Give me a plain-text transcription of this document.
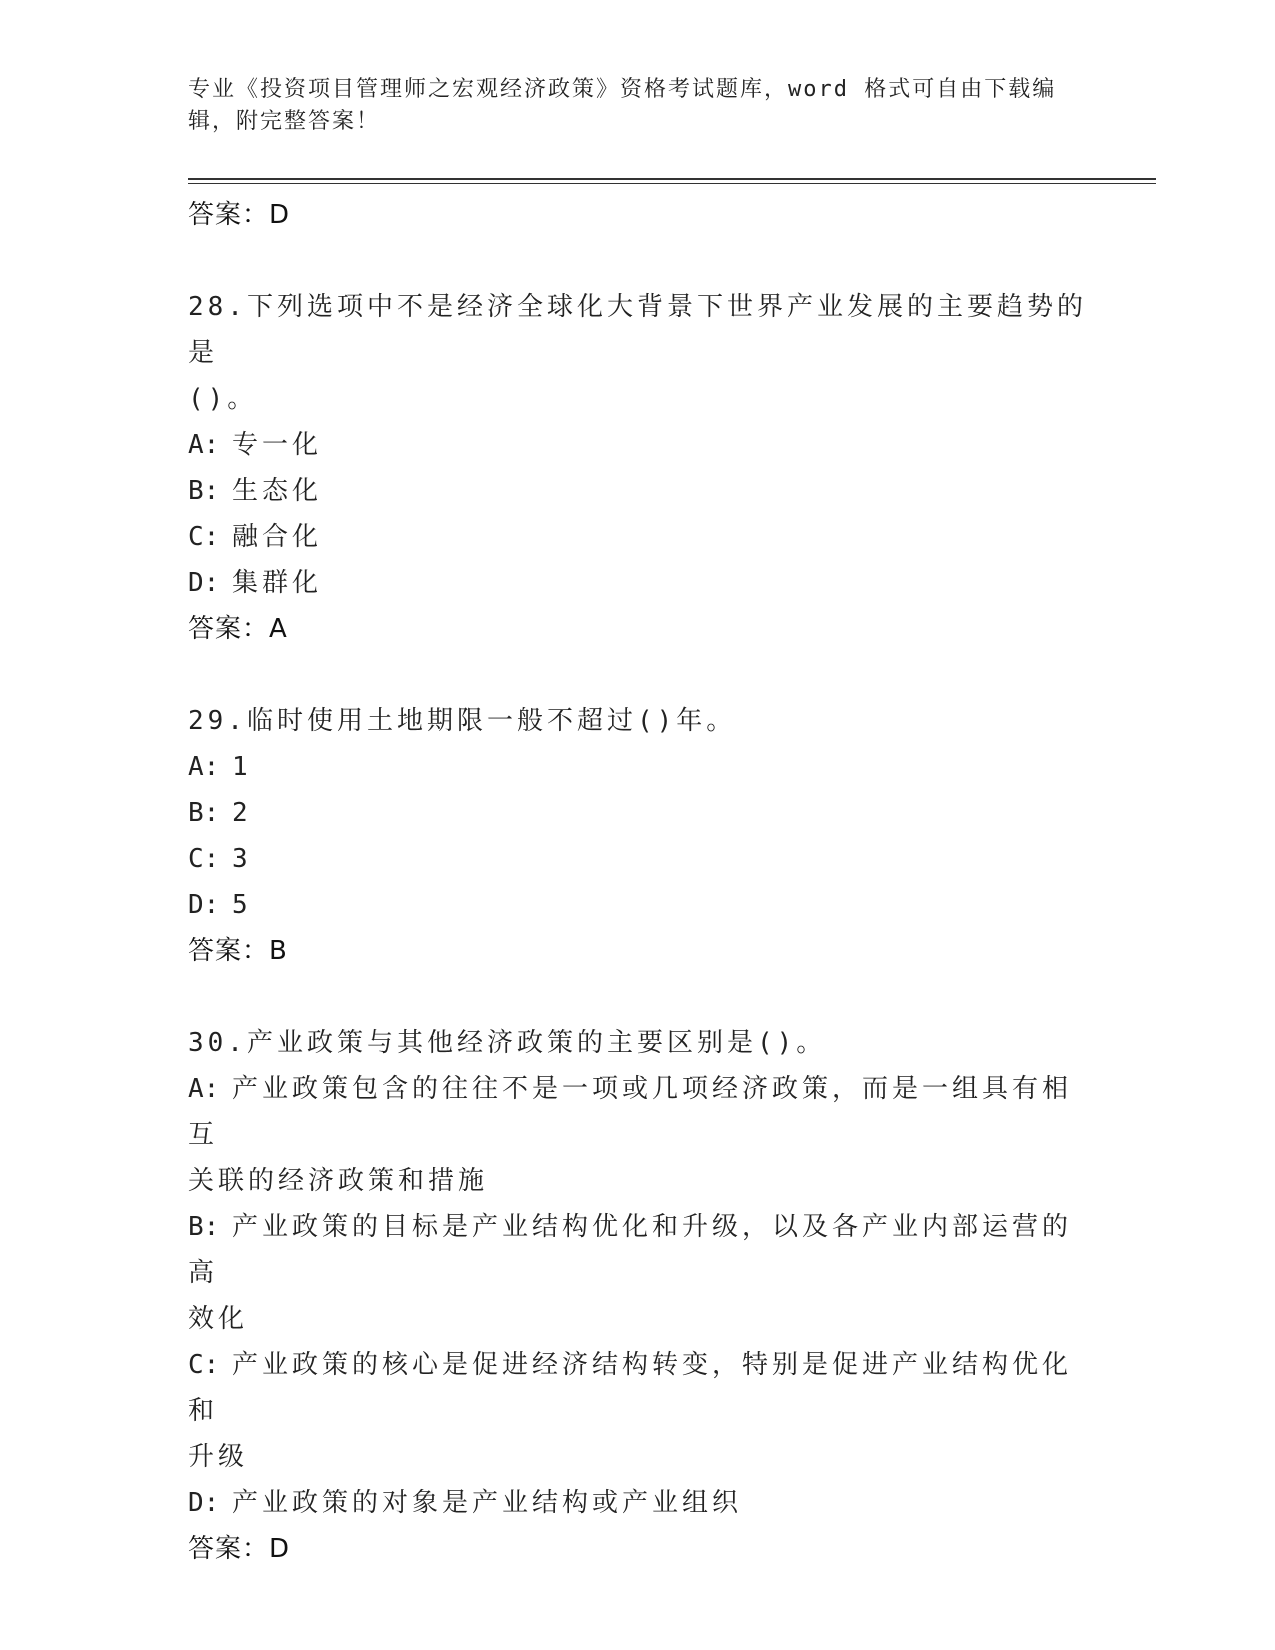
专业《投资项目管理师之宏观经济政策》资格考试题库，word 格式可自由下载编辑，附完整答案！
答案：D
28.下列选项中不是经济全球化大背景下世界产业发展的主要趋势的是
()。
A: 专一化
B: 生态化
C: 融合化
D: 集群化
答案：A
29.临时使用土地期限一般不超过()年。
A: 1
B: 2
C: 3
D: 5
答案：B
30.产业政策与其他经济政策的主要区别是()。
A: 产业政策包含的往往不是一项或几项经济政策，而是一组具有相互
关联的经济政策和措施
B: 产业政策的目标是产业结构优化和升级，以及各产业内部运营的高
效化
C: 产业政策的核心是促进经济结构转变，特别是促进产业结构优化和
升级
D: 产业政策的对象是产业结构或产业组织
答案：D
